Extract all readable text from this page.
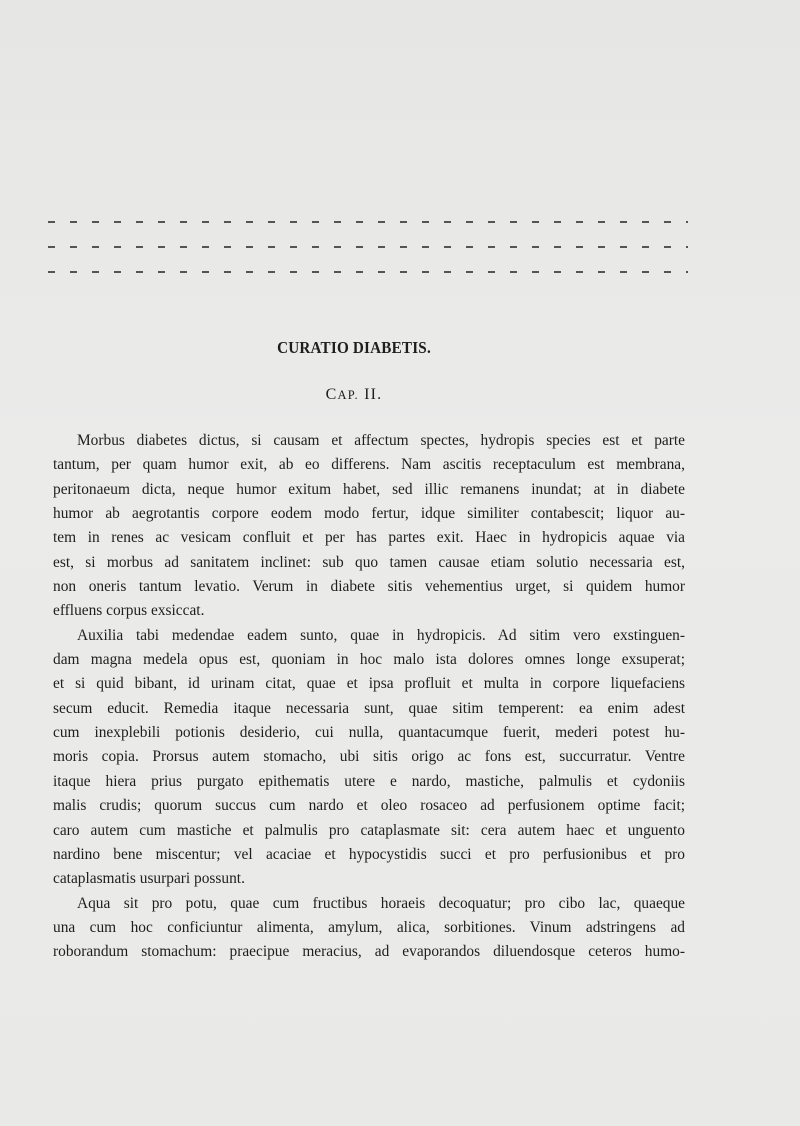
CURATIO DIABETIS.
CAP. II.
Morbus diabetes dictus, si causam et affectum spectes, hydropis species est et parte
tantum, per quam humor exit, ab eo differens. Nam ascitis receptaculum est membrana,
peritonaeum dicta, neque humor exitum habet, sed illic remanens inundat; at in diabete
humor ab aegrotantis corpore eodem modo fertur, idque similiter contabescit; liquor au-
tem in renes ac vesicam confluit et per has partes exit. Haec in hydropicis aquae via
est, si morbus ad sanitatem inclinet: sub quo tamen causae etiam solutio necessaria est,
non oneris tantum levatio. Verum in diabete sitis vehementius urget, si quidem humor
effluens corpus exsiccat.
Auxilia tabi medendae eadem sunto, quae in hydropicis. Ad sitim vero exstinguen-
dam magna medela opus est, quoniam in hoc malo ista dolores omnes longe exsuperat;
et si quid bibant, id urinam citat, quae et ipsa profluit et multa in corpore liquefaciens
secum educit. Remedia itaque necessaria sunt, quae sitim temperent: ea enim adest
cum inexplebili potionis desiderio, cui nulla, quantacumque fuerit, mederi potest hu-
moris copia. Prorsus autem stomacho, ubi sitis origo ac fons est, succurratur. Ventre
itaque hiera prius purgato epithematis utere e nardo, mastiche, palmulis et cydoniis
malis crudis; quorum succus cum nardo et oleo rosaceo ad perfusionem optime facit;
caro autem cum mastiche et palmulis pro cataplasmate sit: cera autem haec et unguento
nardino bene miscentur; vel acaciae et hypocystidis succi et pro perfusionibus et pro
cataplasmatis usurpari possunt.
Aqua sit pro potu, quae cum fructibus horaeis decoquatur; pro cibo lac, quaeque
una cum hoc conficiuntur alimenta, amylum, alica, sorbitiones. Vinum adstringens ad
roborandum stomachum: praecipue meracius, ad evaporandos diluendosque ceteros humo-
